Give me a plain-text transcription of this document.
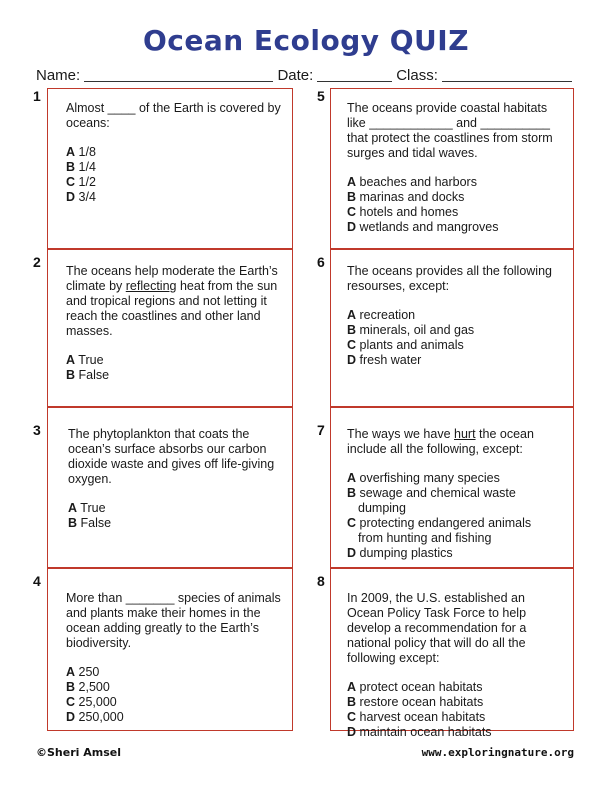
Ocean Ecology QUIZ
Name:	Date:	Class:
1
2
3
4
5
6
7
8

Almost ____ of the Earth is covered by oceans:

A 1/8
B 1/4
C 1/2
D 3/4

The oceans help moderate the Earth’s climate by reflecting heat from the sun and tropical regions and not letting it reach the coastlines and other land masses.

A True
B False

The phytoplankton that coats the ocean’s surface absorbs our carbon dioxide waste and gives off life-giving oxygen.

A True
B False

More than _______ species of animals and plants make their homes in the ocean adding greatly to the Earth’s biodiversity.

A 250
B 2,500
C 25,000
D 250,000

The oceans provide coastal habitats like ____________ and __________ that protect the coastlines from storm surges and tidal waves.

A beaches and harbors
B marinas and docks
C hotels and homes
D wetlands and mangroves

The oceans provides all the following resourses, except:

A recreation
B minerals, oil and gas
C plants and animals
D fresh water

The ways we have hurt the ocean include all the following, except:

A overfishing many species
B sewage and chemical waste
dumping
C protecting endangered animals
from hunting and fishing
D dumping plastics

In 2009, the U.S. established an Ocean Policy Task Force to help develop a recommendation for a national policy that will do all the following except:

A protect ocean habitats
B restore ocean habitats
C harvest ocean habitats
D maintain ocean habitats
©Sheri Amsel	www.exploringnature.org
